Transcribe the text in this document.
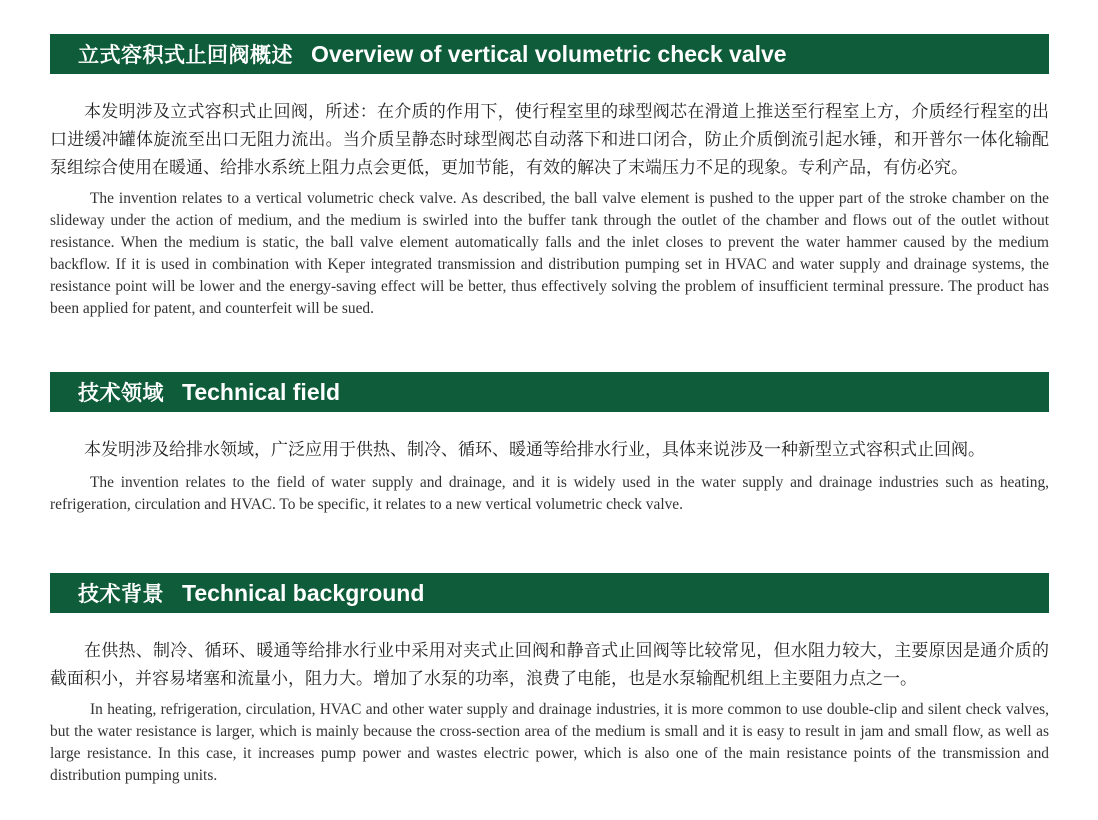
立式容积式止回阀概述 Overview of vertical volumetric check valve

本发明涉及立式容积式止回阀，所述：在介质的作用下，使行程室里的球型阀芯在滑道上推送至行程室上方，介质经行程室的出口进缓冲罐体旋流至出口无阻力流出。当介质呈静态时球型阀芯自动落下和进口闭合，防止介质倒流引起水锤，和开普尔一体化输配泵组综合使用在暖通、给排水系统上阻力点会更低，更加节能，有效的解决了末端压力不足的现象。专利产品，有仿必究。

The invention relates to a vertical volumetric check valve. As described, the ball valve element is pushed to the upper part of the stroke chamber on the slideway under the action of medium, and the medium is swirled into the buffer tank through the outlet of the chamber and flows out of the outlet without resistance. When the medium is static, the ball valve element automatically falls and the inlet closes to prevent the water hammer caused by the medium backflow. If it is used in combination with Keper integrated transmission and distribution pumping set in HVAC and water supply and drainage systems, the resistance point will be lower and the energy-saving effect will be better, thus effectively solving the problem of insufficient terminal pressure. The product has been applied for patent, and counterfeit will be sued.

技术领域 Technical field

本发明涉及给排水领域，广泛应用于供热、制冷、循环、暖通等给排水行业，具体来说涉及一种新型立式容积式止回阀。

The invention relates to the field of water supply and drainage, and it is widely used in the water supply and drainage industries such as heating, refrigeration, circulation and HVAC. To be specific, it relates to a new vertical volumetric check valve.

技术背景 Technical background

在供热、制冷、循环、暖通等给排水行业中采用对夹式止回阀和静音式止回阀等比较常见，但水阻力较大，主要原因是通介质的截面积小，并容易堵塞和流量小，阻力大。增加了水泵的功率，浪费了电能，也是水泵输配机组上主要阻力点之一。

In heating, refrigeration, circulation, HVAC and other water supply and drainage industries, it is more common to use double-clip and silent check valves, but the water resistance is larger, which is mainly because the cross-section area of the medium is small and it is easy to result in jam and small flow, as well as large resistance. In this case, it increases pump power and wastes electric power, which is also one of the main resistance points of the transmission and distribution pumping units.
